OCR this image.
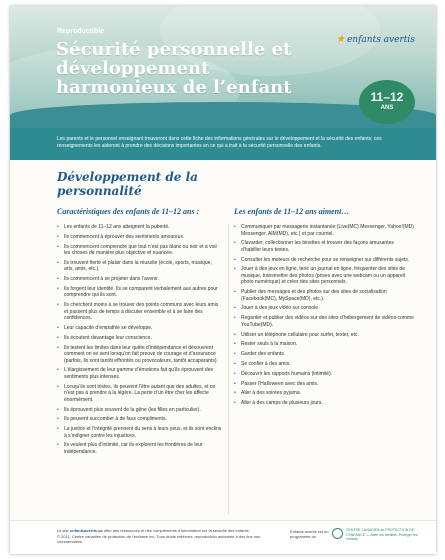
Reproductible
Sécurité personnelle et développement harmonieux de l’enfant
★ enfants avertis
11–12
ANS

Les parents et le personnel enseignant trouveront dans cette fiche des informations générales sur le développement et la sécurité des enfants; ces renseignements les aideront à prendre des décisions importantes en ce qui a trait à la sécurité personnelle des enfants.

Développement de la personnalité
Caractéristiques des enfants de 11–12 ans :	Les enfants de 11–12 ans aiment…
• Les enfants de 11–12 ans atteignent la puberté.
• Ils commencent à éprouver des sentiments amoureux.
• Ils commencent comprendre que tout n’est pas blanc ou noir et à voir les choses de manière plus objective et nuancée.
• Ils trouvent fierté et plaisir dans la réussite (école, sports, musique, arts, amis, etc.).
• Ils commencent à se projeter dans l’avenir.
• Ils forgent leur identité. Ils se comparent verbalement aux autres pour comprendre qui ils sont.
• Ils cherchent moins à se trouver des points communs avec leurs amis et passent plus de temps à discuter ensemble et à se faire des confidences.
• Leur capacité d’empathie se développe.
• Ils écoutent davantage leur conscience.
• Ils testent les limites dans leur quête d’indépendance et découvrent comment on se sent lorsqu’on fait preuve de courage et d’assurance (parfois, ils sont tantôt effrontés ou provocateurs, tantôt accaparants).
• L’élargissement de leur gamme d’émotions fait qu’ils éprouvent des sentiments plus intenses.
• Lorsqu’ils sont tristes, ils peuvent l’être autant que des adultes, et ce n’est pas à prendre à la légère. La perte d’un être cher les affecte énormément.
• Ils éprouvent plus souvent de la gêne (les filles en particulier).
• Ils peuvent succomber à de faux compliments.
• La justice et l’intégrité prennent du sens à leurs yeux, et ils sont enclins à s’indigner contre les injustices.
• Ils veulent plus d’intimité, car ils explorent les frontières de leur indépendance.
• Communiquer par messagerie instantanée (Live(MC) Messenger, Yahoo!(MD) Messenger, AIM(MD), etc.) et par courriel.
• Clavarder, collectionner les binettes et trouver des façons amusantes d’habiller leurs textes.
• Consulter les moteurs de recherche pour se renseigner sur différents sujets.
• Jouer à des jeux en ligne, tenir un journal en ligne, fréquenter des sites de musique, transmettre des photos (prises avec une webcam ou un appareil photo numérique) et créer des sites personnels.
• Publier des messages et des photos sur des sites de socialisation (Facebook(MC), MySpace(MD), etc.).
• Jouer à des jeux vidéo sur console.
• Regarder et publier des vidéos sur des sites d’hébergement de vidéos comme YouTube(MD).
• Utiliser un téléphone cellulaire pour surfer, texter, etc.
• Rester seuls à la maison.
• Garder des enfants.
• Se confier à des amis.
• Découvrir les rapports humains (intimité).
• Passer l’Halloween avec des amis.
• Aller à des soirées pyjama.
• Aller à des camps de plusieurs jours.
Le site enfantsavertis.ca offre des ressources et des compléments d’information sur la sécurité des enfants.
© 2011, Centre canadien de protection de l’enfance inc. Tous droits réservés; reproduction autorisée à des fins non commerciales.
Enfants avertis est un programme du
CENTRE CANADIEN de PROTECTION DE L’ENFANCE — Aider les familles. Protéger les enfants.
